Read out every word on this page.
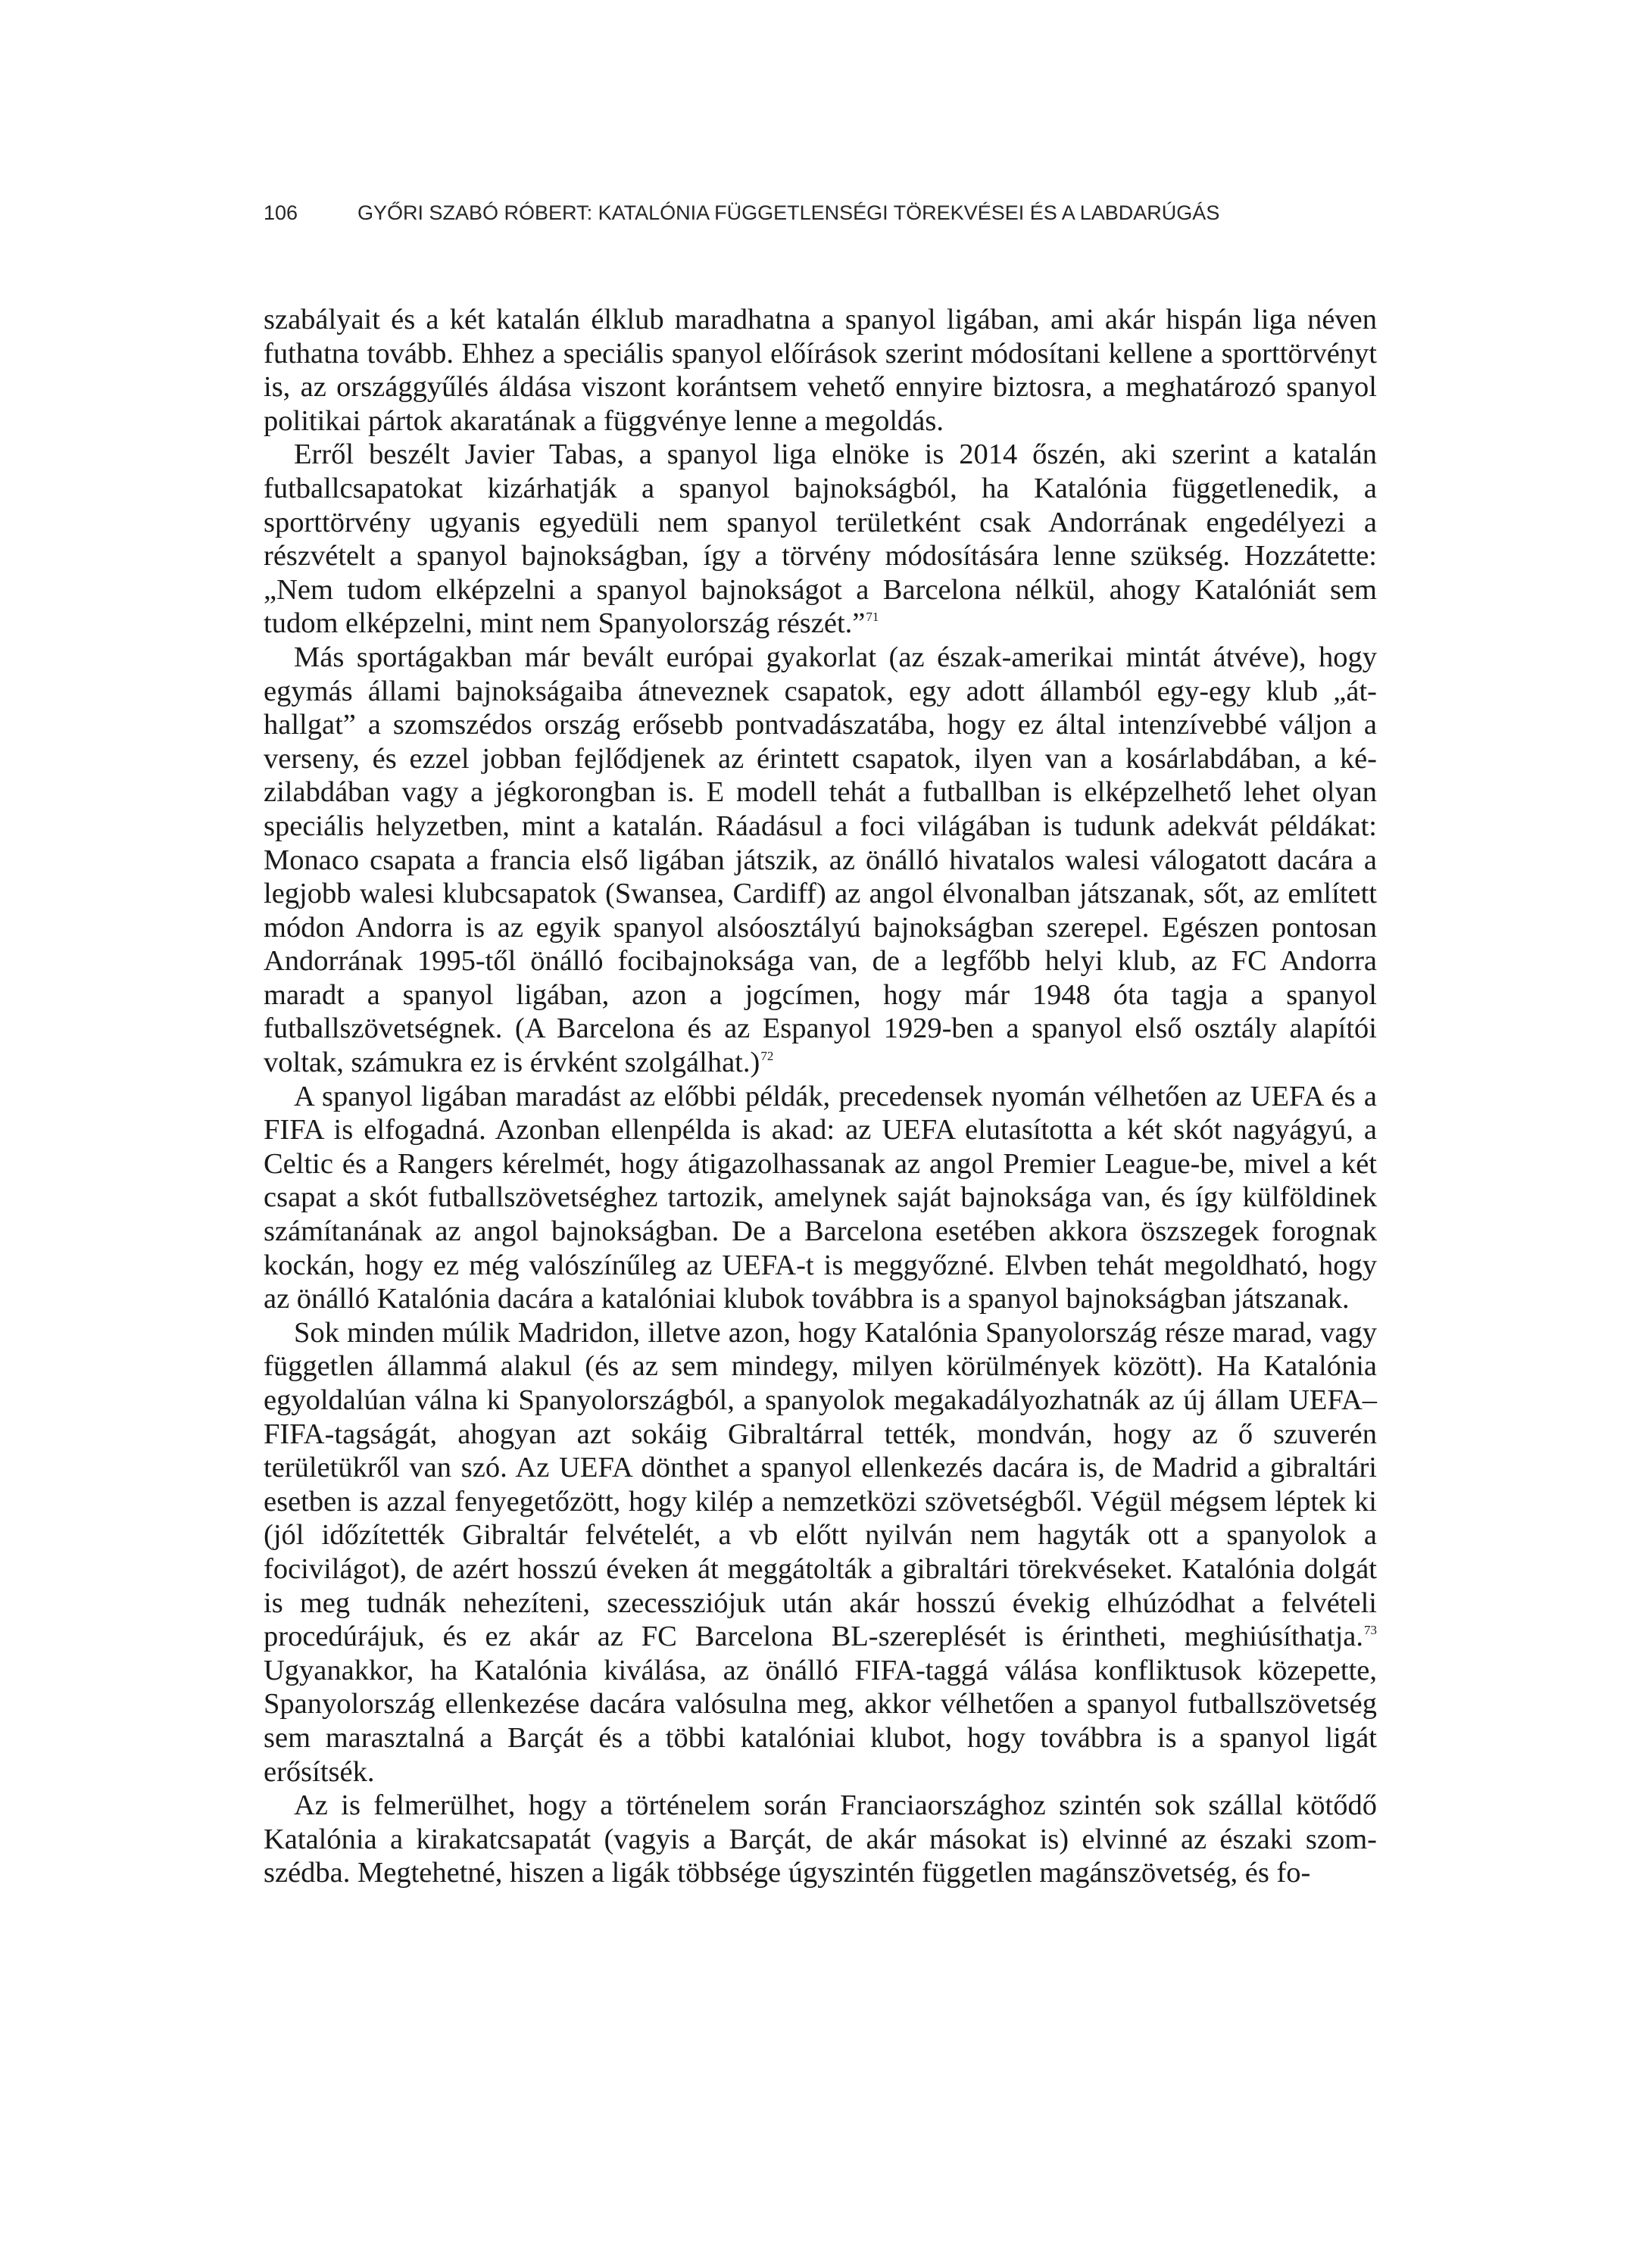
106	GYŐRI SZABÓ RÓBERT: KATALÓNIA FÜGGETLENSÉGI TÖREKVÉSEI ÉS A LABDARÚGÁS

szabályait és a két katalán élklub maradhatna a spanyol ligában, ami akár hispán liga néven futhatna tovább. Ehhez a speciális spanyol előírások szerint módosítani kellene a sporttörvényt is, az országgyűlés áldása viszont korántsem vehető ennyire biztosra, a meghatározó spanyol politikai pártok akaratának a függvénye lenne a megoldás.

Erről beszélt Javier Tabas, a spanyol liga elnöke is 2014 őszén, aki szerint a katalán futballcsapatokat kizárhatják a spanyol bajnokságból, ha Katalónia függetlenedik, a sporttörvény ugyanis egyedüli nem spanyol területként csak Andorrának engedélyezi a részvételt a spanyol bajnokságban, így a törvény módosítására lenne szükség. Hozzátette: „Nem tudom elképzelni a spanyol bajnokságot a Barcelona nélkül, ahogy Katalóniát sem tudom elképzelni, mint nem Spanyolország részét.”$^{71}$

Más sportágakban már bevált európai gyakorlat (az észak-amerikai mintát átvéve), hogy egymás állami bajnokságaiba átneveznek csapatok, egy adott államból egy-egy klub „áthallgat” a szomszédos ország erősebb pontvadászatába, hogy ez által intenzívebbé váljon a verseny, és ezzel jobban fejlődjenek az érintett csapatok, ilyen van a kosárlabdában, a kézilabdában vagy a jégkorongban is. E modell tehát a futballban is elképzelhető lehet olyan speciális helyzetben, mint a katalán. Ráadásul a foci világában is tudunk adekvát példákat: Monaco csapata a francia első ligában játszik, az önálló hivatalos walesi válogatott dacára a legjobb walesi klubcsapatok (Swansea, Cardiff) az angol élvonalban játszanak, sőt, az említett módon Andorra is az egyik spanyol alsóosztályú bajnokságban szerepel. Egészen pontosan Andorrának 1995-től önálló focibajnoksága van, de a legfőbb helyi klub, az FC Andorra maradt a spanyol ligában, azon a jogcímen, hogy már 1948 óta tagja a spanyol futballszövetségnek. (A Barcelona és az Espanyol 1929-ben a spanyol első osztály alapítói voltak, számukra ez is érvként szolgálhat.)$^{72}$

A spanyol ligában maradást az előbbi példák, precedensek nyomán vélhetően az UEFA és a FIFA is elfogadná. Azonban ellenpélda is akad: az UEFA elutasította a két skót nagyágyú, a Celtic és a Rangers kérelmét, hogy átigazolhassanak az angol Premier League-be, mivel a két csapat a skót futballszövetséghez tartozik, amelynek saját bajnoksága van, és így külföldinek számítanának az angol bajnokságban. De a Barcelona esetében akkora öszszegek forognak kockán, hogy ez még valószínűleg az UEFA-t is meggyőzné. Elvben tehát megoldható, hogy az önálló Katalónia dacára a katalóniai klubok továbbra is a spanyol bajnokságban játszanak.

Sok minden múlik Madridon, illetve azon, hogy Katalónia Spanyolország része marad, vagy független állammá alakul (és az sem mindegy, milyen körülmények között). Ha Katalónia egyoldalúan válna ki Spanyolországból, a spanyolok megakadályozhatnák az új állam UEFA–FIFA-tagságát, ahogyan azt sokáig Gibraltárral tették, mondván, hogy az ő szuverén területükről van szó. Az UEFA dönthet a spanyol ellenkezés dacára is, de Madrid a gibraltári esetben is azzal fenyegetőzött, hogy kilép a nemzetközi szövetségből. Végül mégsem léptek ki (jól időzítették Gibraltár felvételét, a vb előtt nyilván nem hagyták ott a spanyolok a focivilágot), de azért hosszú éveken át meggátolták a gibraltári törekvéseket. Katalónia dolgát is meg tudnák nehezíteni, szecessziójuk után akár hosszú évekig elhúzódhat a felvételi procedúrájuk, és ez akár az FC Barcelona BL-szereplését is érintheti, meghiúsíthatja.$^{73}$ Ugyanakkor, ha Katalónia kiválása, az önálló FIFA-taggá válása konfliktusok közepette, Spanyolország ellenkezése dacára valósulna meg, akkor vélhetően a spanyol futballszövetség sem marasztalná a Barçát és a többi katalóniai klubot, hogy továbbra is a spanyol ligát erősítsék.

Az is felmerülhet, hogy a történelem során Franciaországhoz szintén sok szállal kötődő Katalónia a kirakatcsapatát (vagyis a Barçát, de akár másokat is) elvinné az északi szomszédba. Megtehetné, hiszen a ligák többsége úgyszintén független magánszövetség, és fo-
